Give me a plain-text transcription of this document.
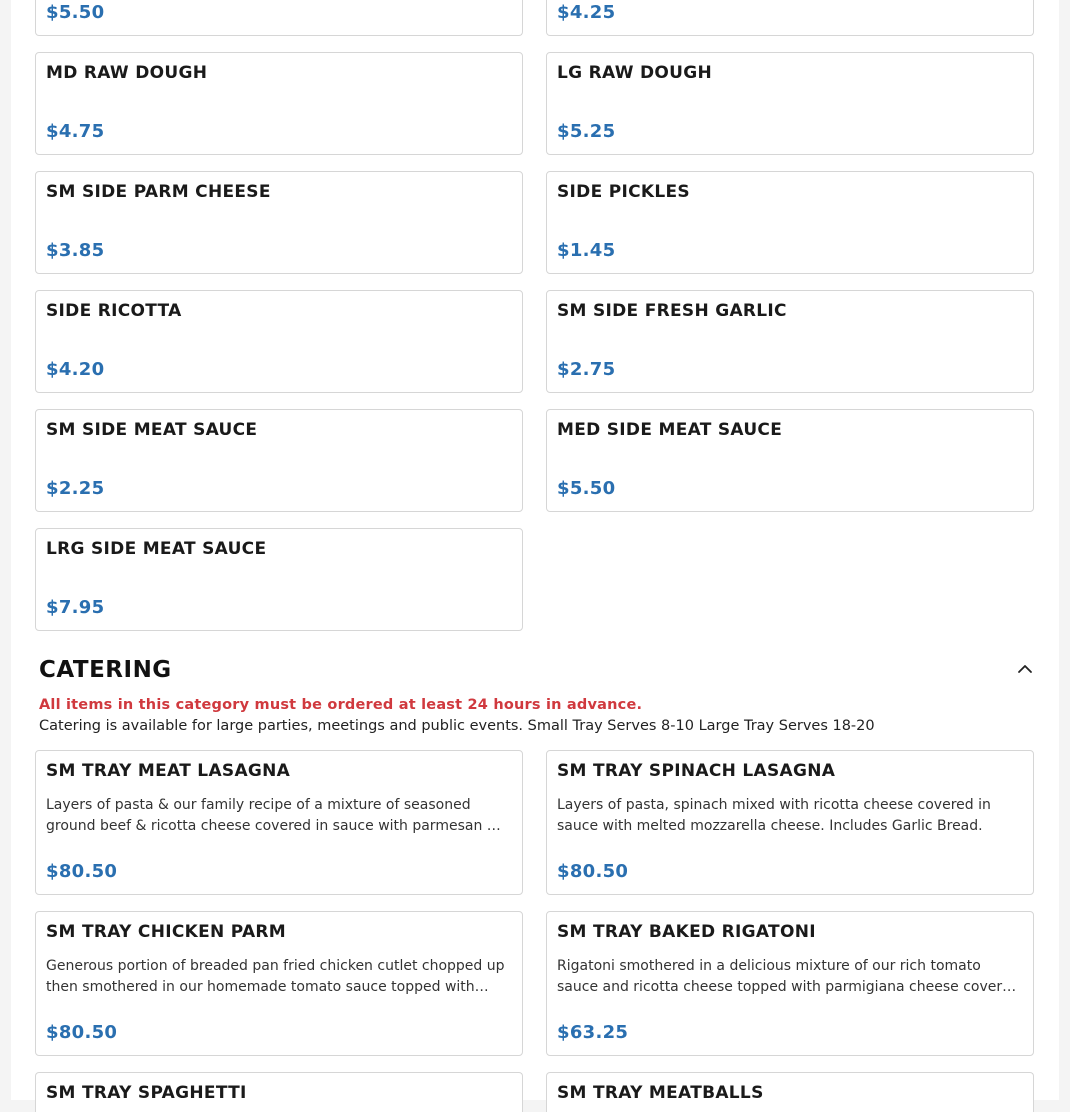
$5.50	$4.25
MD RAW DOUGH
$4.75
LG RAW DOUGH
$5.25
SM SIDE PARM CHEESE
$3.85
SIDE PICKLES
$1.45
SIDE RICOTTA
$4.20
SM SIDE FRESH GARLIC
$2.75
SM SIDE MEAT SAUCE
$2.25
MED SIDE MEAT SAUCE
$5.50
LRG SIDE MEAT SAUCE
$7.95
CATERING
All items in this category must be ordered at least 24 hours in advance.
Catering is available for large parties, meetings and public events. Small Tray Serves 8-10 Large Tray Serves 18-20
SM TRAY MEAT LASAGNA
Layers of pasta & our family recipe of a mixture of seasoned ground beef & ricotta cheese covered in sauce with parmesan …
$80.50
SM TRAY SPINACH LASAGNA
Layers of pasta, spinach mixed with ricotta cheese covered in sauce with melted mozzarella cheese. Includes Garlic Bread.
$80.50
SM TRAY CHICKEN PARM
Generous portion of breaded pan fried chicken cutlet chopped up then smothered in our homemade tomato sauce topped with…
$80.50
SM TRAY BAKED RIGATONI
Rigatoni smothered in a delicious mixture of our rich tomato sauce and ricotta cheese topped with parmigiana cheese cover…
$63.25
SM TRAY SPAGHETTI	SM TRAY MEATBALLS
